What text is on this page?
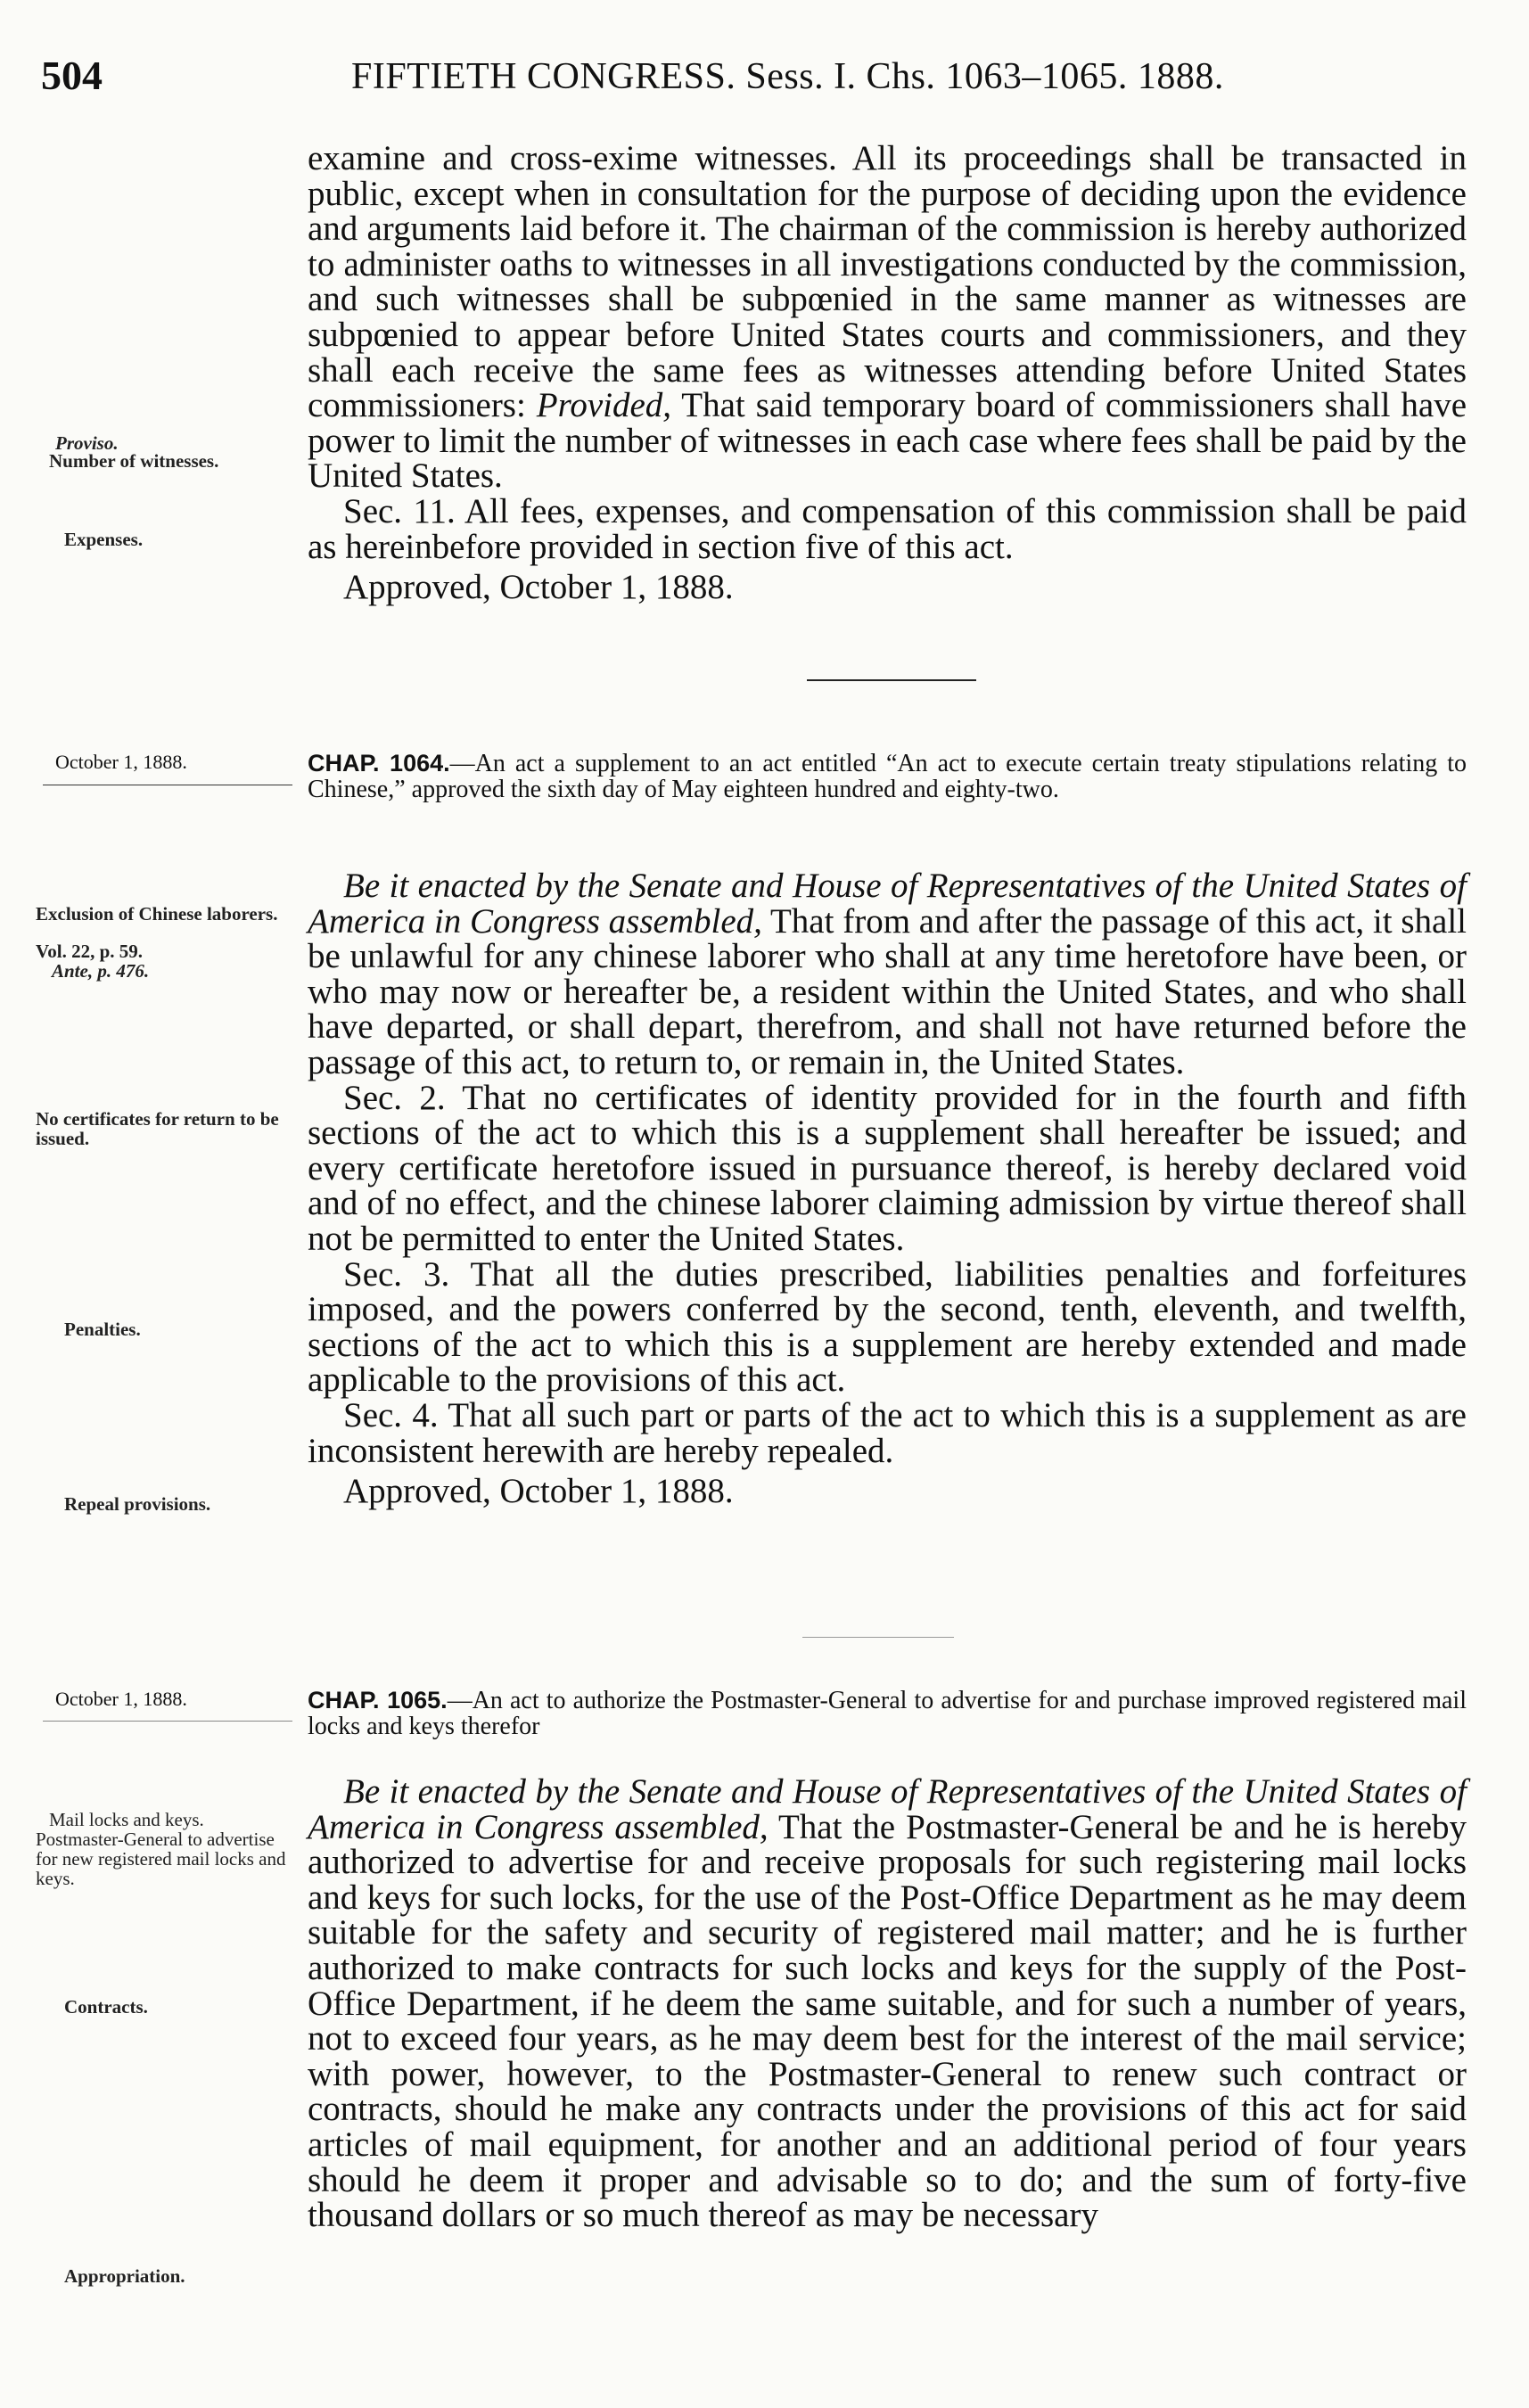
504	FIFTIETH CONGRESS. Sess. I. Chs. 1063–1065. 1888.

examine and cross-exime witnesses. All its proceedings shall be transacted in public, except when in consultation for the purpose of deciding upon the evidence and arguments laid before it. The chairman of the commission is hereby authorized to administer oaths to witnesses in all investigations conducted by the commission, and such witnesses shall be subpœnied in the same manner as witnesses are subpœnied to appear before United States courts and commissioners, and they shall each receive the same fees as witnesses attending before United States commissioners: Provided, That said temporary board of commissioners shall have power to limit the number of witnesses in each case where fees shall be paid by the United States.

Sec. 11. All fees, expenses, and compensation of this commission shall be paid as hereinbefore provided in section five of this act.

Approved, October 1, 1888.

Proviso.
Number of witnesses.
Expenses.
October 1, 1888.	CHAP. 1064.—An act a supplement to an act entitled “An act to execute certain treaty stipulations relating to Chinese,” approved the sixth day of May eighteen hundred and eighty-two.

Be it enacted by the Senate and House of Representatives of the United States of America in Congress assembled, That from and after the passage of this act, it shall be unlawful for any chinese laborer who shall at any time heretofore have been, or who may now or hereafter be, a resident within the United States, and who shall have departed, or shall depart, therefrom, and shall not have returned before the passage of this act, to return to, or remain in, the United States.

Sec. 2. That no certificates of identity provided for in the fourth and fifth sections of the act to which this is a supplement shall hereafter be issued; and every certificate heretofore issued in pursuance thereof, is hereby declared void and of no effect, and the chinese laborer claiming admission by virtue thereof shall not be permitted to enter the United States.

Sec. 3. That all the duties prescribed, liabilities penalties and forfeitures imposed, and the powers conferred by the second, tenth, eleventh, and twelfth, sections of the act to which this is a supplement are hereby extended and made applicable to the provisions of this act.

Sec. 4. That all such part or parts of the act to which this is a supplement as are inconsistent herewith are hereby repealed.

Approved, October 1, 1888.

Exclusion of Chinese laborers.
Vol. 22, p. 59.
Ante, p. 476.
No certificates for return to be issued.
Penalties.
Repeal provisions.
October 1, 1888.	CHAP. 1065.—An act to authorize the Postmaster-General to advertise for and purchase improved registered mail locks and keys therefor

Be it enacted by the Senate and House of Representatives of the United States of America in Congress assembled, That the Postmaster-General be and he is hereby authorized to advertise for and receive proposals for such registering mail locks and keys for such locks, for the use of the Post-Office Department as he may deem suitable for the safety and security of registered mail matter; and he is further authorized to make contracts for such locks and keys for the supply of the Post-Office Department, if he deem the same suitable, and for such a number of years, not to exceed four years, as he may deem best for the interest of the mail service; with power, however, to the Postmaster-General to renew such contract or contracts, should he make any contracts under the provisions of this act for said articles of mail equipment, for another and an additional period of four years should he deem it proper and advisable so to do; and the sum of forty-five thousand dollars or so much thereof as may be necessary

Mail locks and keys.
Postmaster-General to advertise for new registered mail locks and keys.
Contracts.
Appropriation.
